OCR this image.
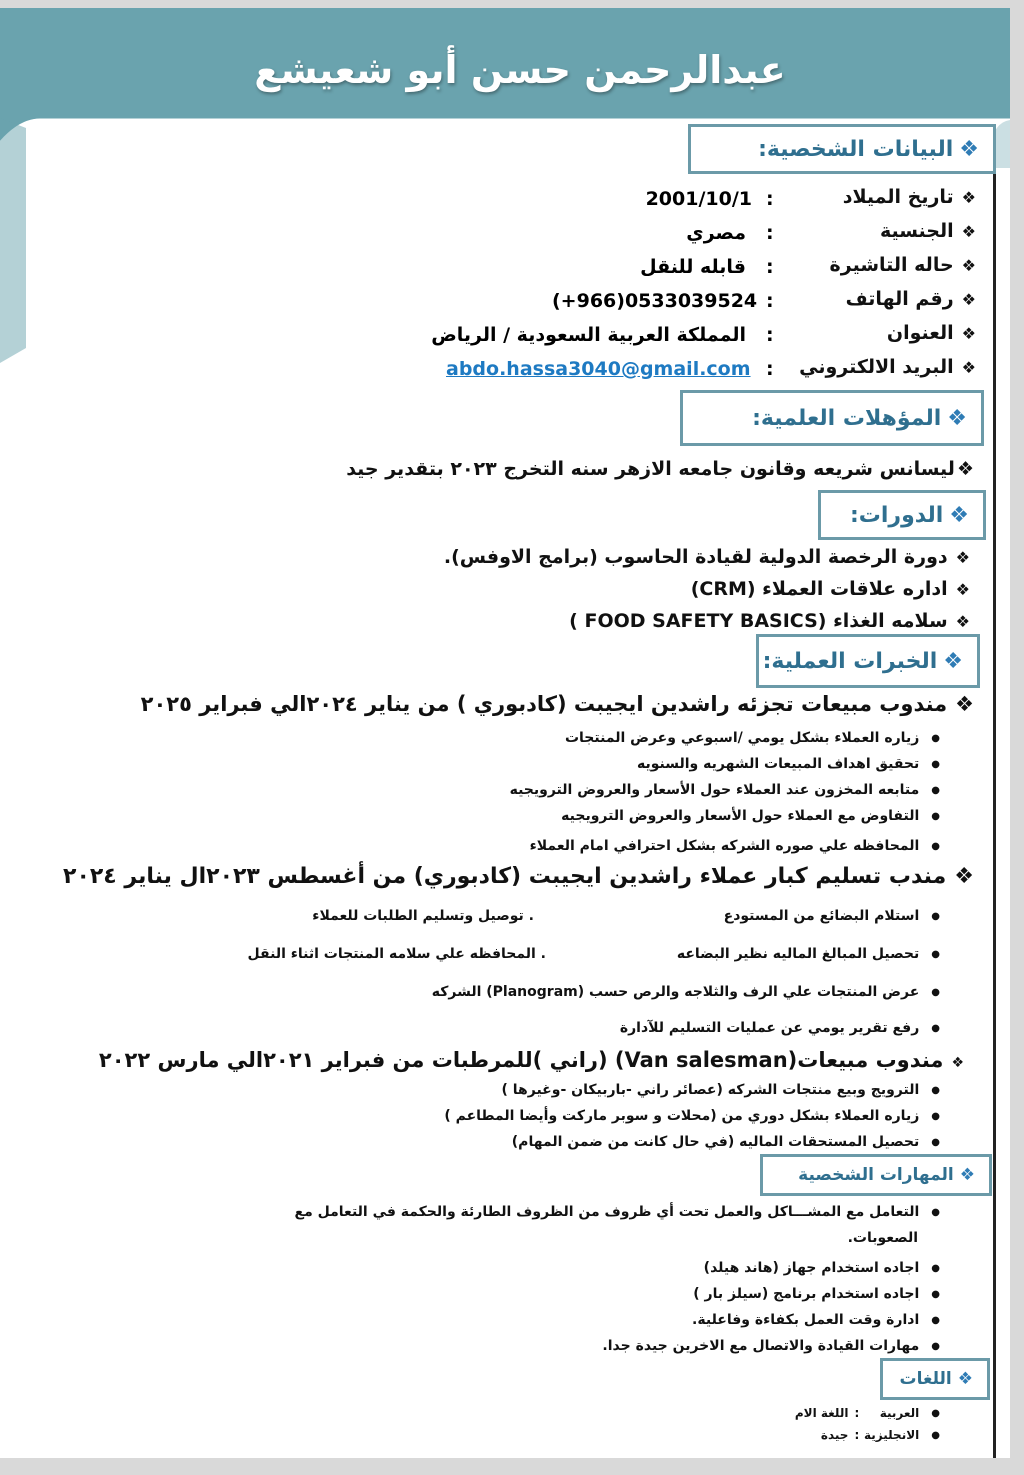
عبدالرحمن حسن أبو شعيشع
❖
البيانات الشخصية:
❖تاريخ الميلاد
:
2001/10/1
❖الجنسية
:
مصري
❖حاله التاشيرة
:
قابله للنقل
❖رقم الهاتف
:
(+966)0533039524
❖العنوان
:
المملكة العربية السعودية / الرياض
❖البريد الالكتروني
:
abdo.hassa3040@gmail.com
❖
المؤهلات العلمية:
❖ليسانس شريعه وقانون جامعه الازهر سنه التخرج ٢٠٢٣ بتقدير جيد
❖
الدورات:
❖دورة الرخصة الدولية لقيادة الحاسوب (برامج الاوفس).
❖اداره علاقات العملاء (CRM)
❖سلامه الغذاء (FOOD SAFETY BASICS )
❖
الخبرات العملية:
❖مندوب مبيعات تجزئه راشدين ايجيبت (كادبوري ) من يناير ٢٠٢٤الي فبراير ٢٠٢٥
●زياره العملاء بشكل يومي /اسبوعي وعرض المنتجات
●تحقيق اهداف المبيعات الشهريه والسنويه
●متابعه المخزون عند العملاء حول الأسعار والعروض الترويجيه
●التفاوض مع العملاء حول الأسعار والعروض الترويجيه
●المحافظه علي صوره الشركه بشكل احترافي امام العملاء
❖مندب تسليم كبار عملاء راشدين ايجيبت (كادبوري) من أغسطس ٢٠٢٣ال يناير ٢٠٢٤
●استلام البضائع من المستودع
. توصيل وتسليم الطلبات للعملاء
●تحصيل المبالغ الماليه نظير البضاعه
. المحافظه علي سلامه المنتجات اثناء النقل
●عرض المنتجات علي الرف والثلاجه والرص حسب (Planogram) الشركه
●رفع تقرير يومي عن عمليات التسليم للآدارة
❖مندوب مبيعات(Van salesman) (راني )للمرطبات من فبراير ٢٠٢١الي مارس ٢٠٢٢
●الترويج وبيع منتجات الشركه (عصائر راني -باربيكان -وغيرها )
●زياره العملاء بشكل دوري من (محلات و سوبر ماركت وأيضا المطاعم )
●تحصيل المستحقات الماليه (في حال كانت من ضمن المهام)
❖
المهارات الشخصية
●التعامل مع المشـــاكل والعمل تحت أي ظروف من الظروف الطارئة والحكمة في التعامل مع
الصعوبات.
●اجاده استخدام جهاز (هاند هيلد)
●اجاده استخدام برنامج (سيلز بار )
●ادارة وقت العمل بكفاءة وفاعلية.
●مهارات القيادة والاتصال مع الاخرين جيدة جدا.
❖
اللغات
●العربية:اللغة الام
●الانجليزية:جيدة
